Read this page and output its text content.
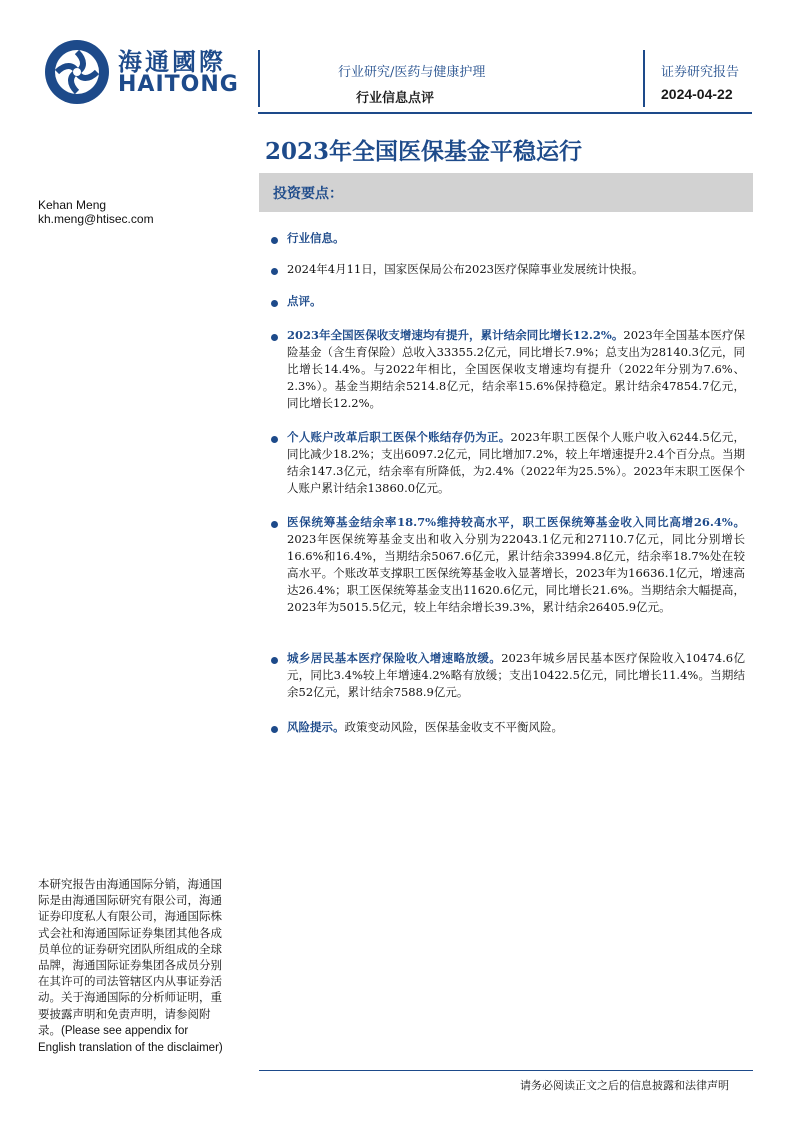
海通國際
HAITONG	行业研究/医药与健康护理
行业信息点评
证券研究报告
2024-04-22
2023年全国医保基金平稳运行
Kehan Meng
kh.meng@htisec.com
投资要点：
行业信息。
2024年4月11日，国家医保局公布2023医疗保障事业发展统计快报。
点评。
2023年全国医保收支增速均有提升，累计结余同比增长12.2%。2023年全国基本医疗保险基金（含生育保险）总收入33355.2亿元，同比增长7.9%；总支出为28140.3亿元，同比增长14.4%。与2022年相比，全国医保收支增速均有提升（2022年分别为7.6%、2.3%）。基金当期结余5214.8亿元，结余率15.6%保持稳定。累计结余47854.7亿元，同比增长12.2%。
个人账户改革后职工医保个账结存仍为正。2023年职工医保个人账户收入6244.5亿元，同比减少18.2%；支出6097.2亿元，同比增加7.2%，较上年增速提升2.4个百分点。当期结余147.3亿元，结余率有所降低，为2.4%（2022年为25.5%）。2023年末职工医保个人账户累计结余13860.0亿元。
医保统筹基金结余率18.7%维持较高水平，职工医保统筹基金收入同比高增26.4%。2023年医保统筹基金支出和收入分别为22043.1亿元和27110.7亿元，同比分别增长16.6%和16.4%，当期结余5067.6亿元，累计结余33994.8亿元，结余率18.7%处在较高水平。个账改革支撑职工医保统筹基金收入显著增长，2023年为16636.1亿元，增速高达26.4%；职工医保统筹基金支出11620.6亿元，同比增长21.6%。当期结余大幅提高，2023年为5015.5亿元，较上年结余增长39.3%，累计结余26405.9亿元。
城乡居民基本医疗保险收入增速略放缓。2023年城乡居民基本医疗保险收入10474.6亿元，同比3.4%较上年增速4.2%略有放缓；支出10422.5亿元，同比增长11.4%。当期结余52亿元，累计结余7588.9亿元。
风险提示。政策变动风险，医保基金收支不平衡风险。
本研究报告由海通国际分销，海通国际是由海通国际研究有限公司，海通证券印度私人有限公司，海通国际株式会社和海通国际证券集团其他各成员单位的证券研究团队所组成的全球品牌，海通国际证券集团各成员分别在其许可的司法管辖区内从事证券活动。关于海通国际的分析师证明，重要披露声明和免责声明，请参阅附录。(Please see appendix for English translation of the disclaimer)
请务必阅读正文之后的信息披露和法律声明
